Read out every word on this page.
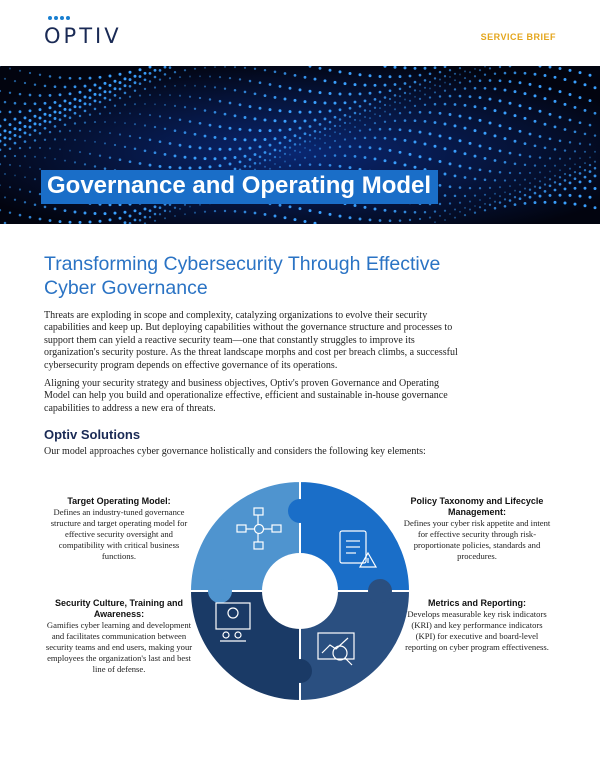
OPTIV	SERVICE BRIEF
Governance and Operating Model
Transforming Cybersecurity Through Effective Cyber Governance
Threats are exploding in scope and complexity, catalyzing organizations to evolve their security capabilities and keep up. But deploying capabilities without the governance structure and processes to support them can yield a reactive security team—one that constantly struggles to improve its organization's security posture. As the threat landscape morphs and cost per breach climbs, a successful cybersecurity program depends on effective governance of its operations.
Aligning your security strategy and business objectives, Optiv's proven Governance and Operating Model can help you build and operationalize effective, efficient and sustainable in-house governance capabilities to address a new era of threats.
Optiv Solutions
Our model approaches cyber governance holistically and considers the following key elements:
Target Operating Model:
Defines an industry-tuned governance structure and target operating model for effective security oversight and compatibility with critical business functions.
Policy Taxonomy and Lifecycle Management:
Defines your cyber risk appetite and intent for effective security through risk-proportionate policies, standards and procedures.
Security Culture, Training and Awareness:
Gamifies cyber learning and development and facilitates communication between security teams and end users, making your employees the organization's last and best line of defense.
Metrics and Reporting:
Develops measurable key risk indicators (KRI) and key performance indicators (KPI) for executive and board-level reporting on cyber program effectiveness.
